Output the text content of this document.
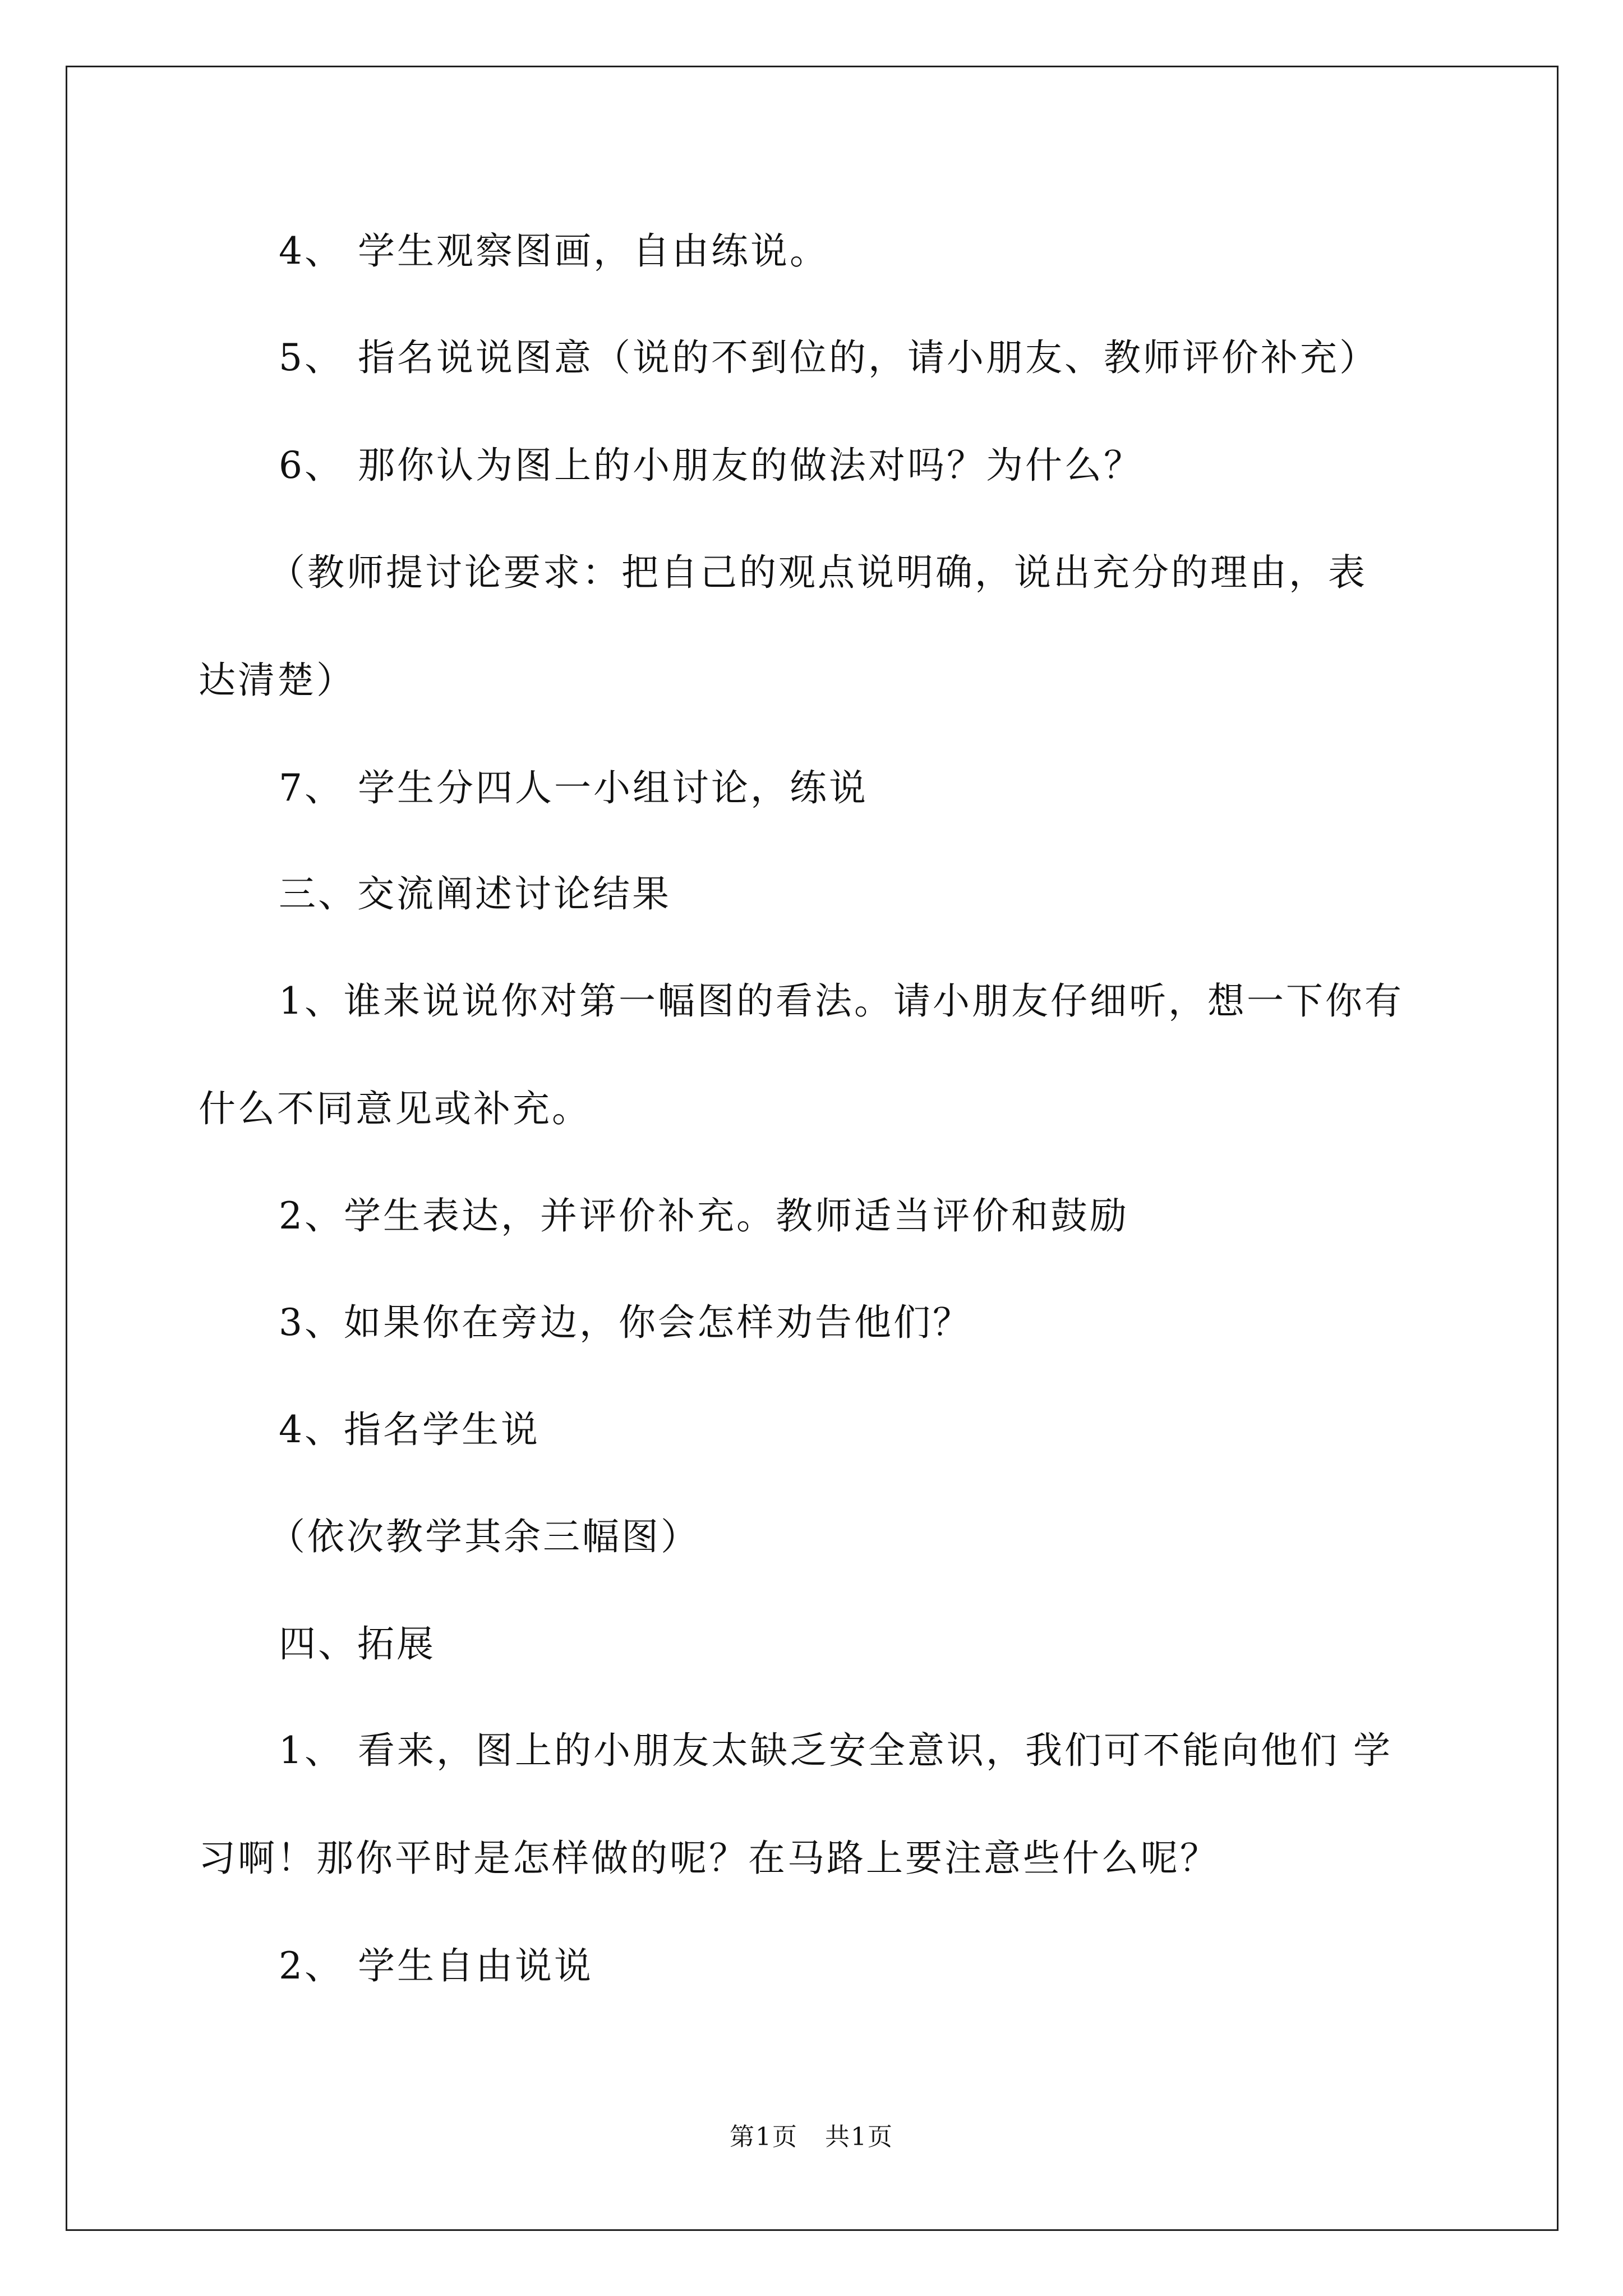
4、 学生观察图画，自由练说。
5、 指名说说图意（说的不到位的，请小朋友、教师评价补充）
6、 那你认为图上的小朋友的做法对吗？为什么？
（教师提讨论要求：把自己的观点说明确，说出充分的理由，表
达清楚）
7、 学生分四人一小组讨论，练说
三、交流阐述讨论结果
1、谁来说说你对第一幅图的看法。请小朋友仔细听，想一下你有
什么不同意见或补充。
2、学生表达，并评价补充。教师适当评价和鼓励
3、如果你在旁边，你会怎样劝告他们？
4、指名学生说
（依次教学其余三幅图）
四、拓展
1、 看来，图上的小朋友太缺乏安全意识，我们可不能向他们 学
习啊！那你平时是怎样做的呢？在马路上要注意些什么呢？
2、 学生自由说说
第1页   共1页
